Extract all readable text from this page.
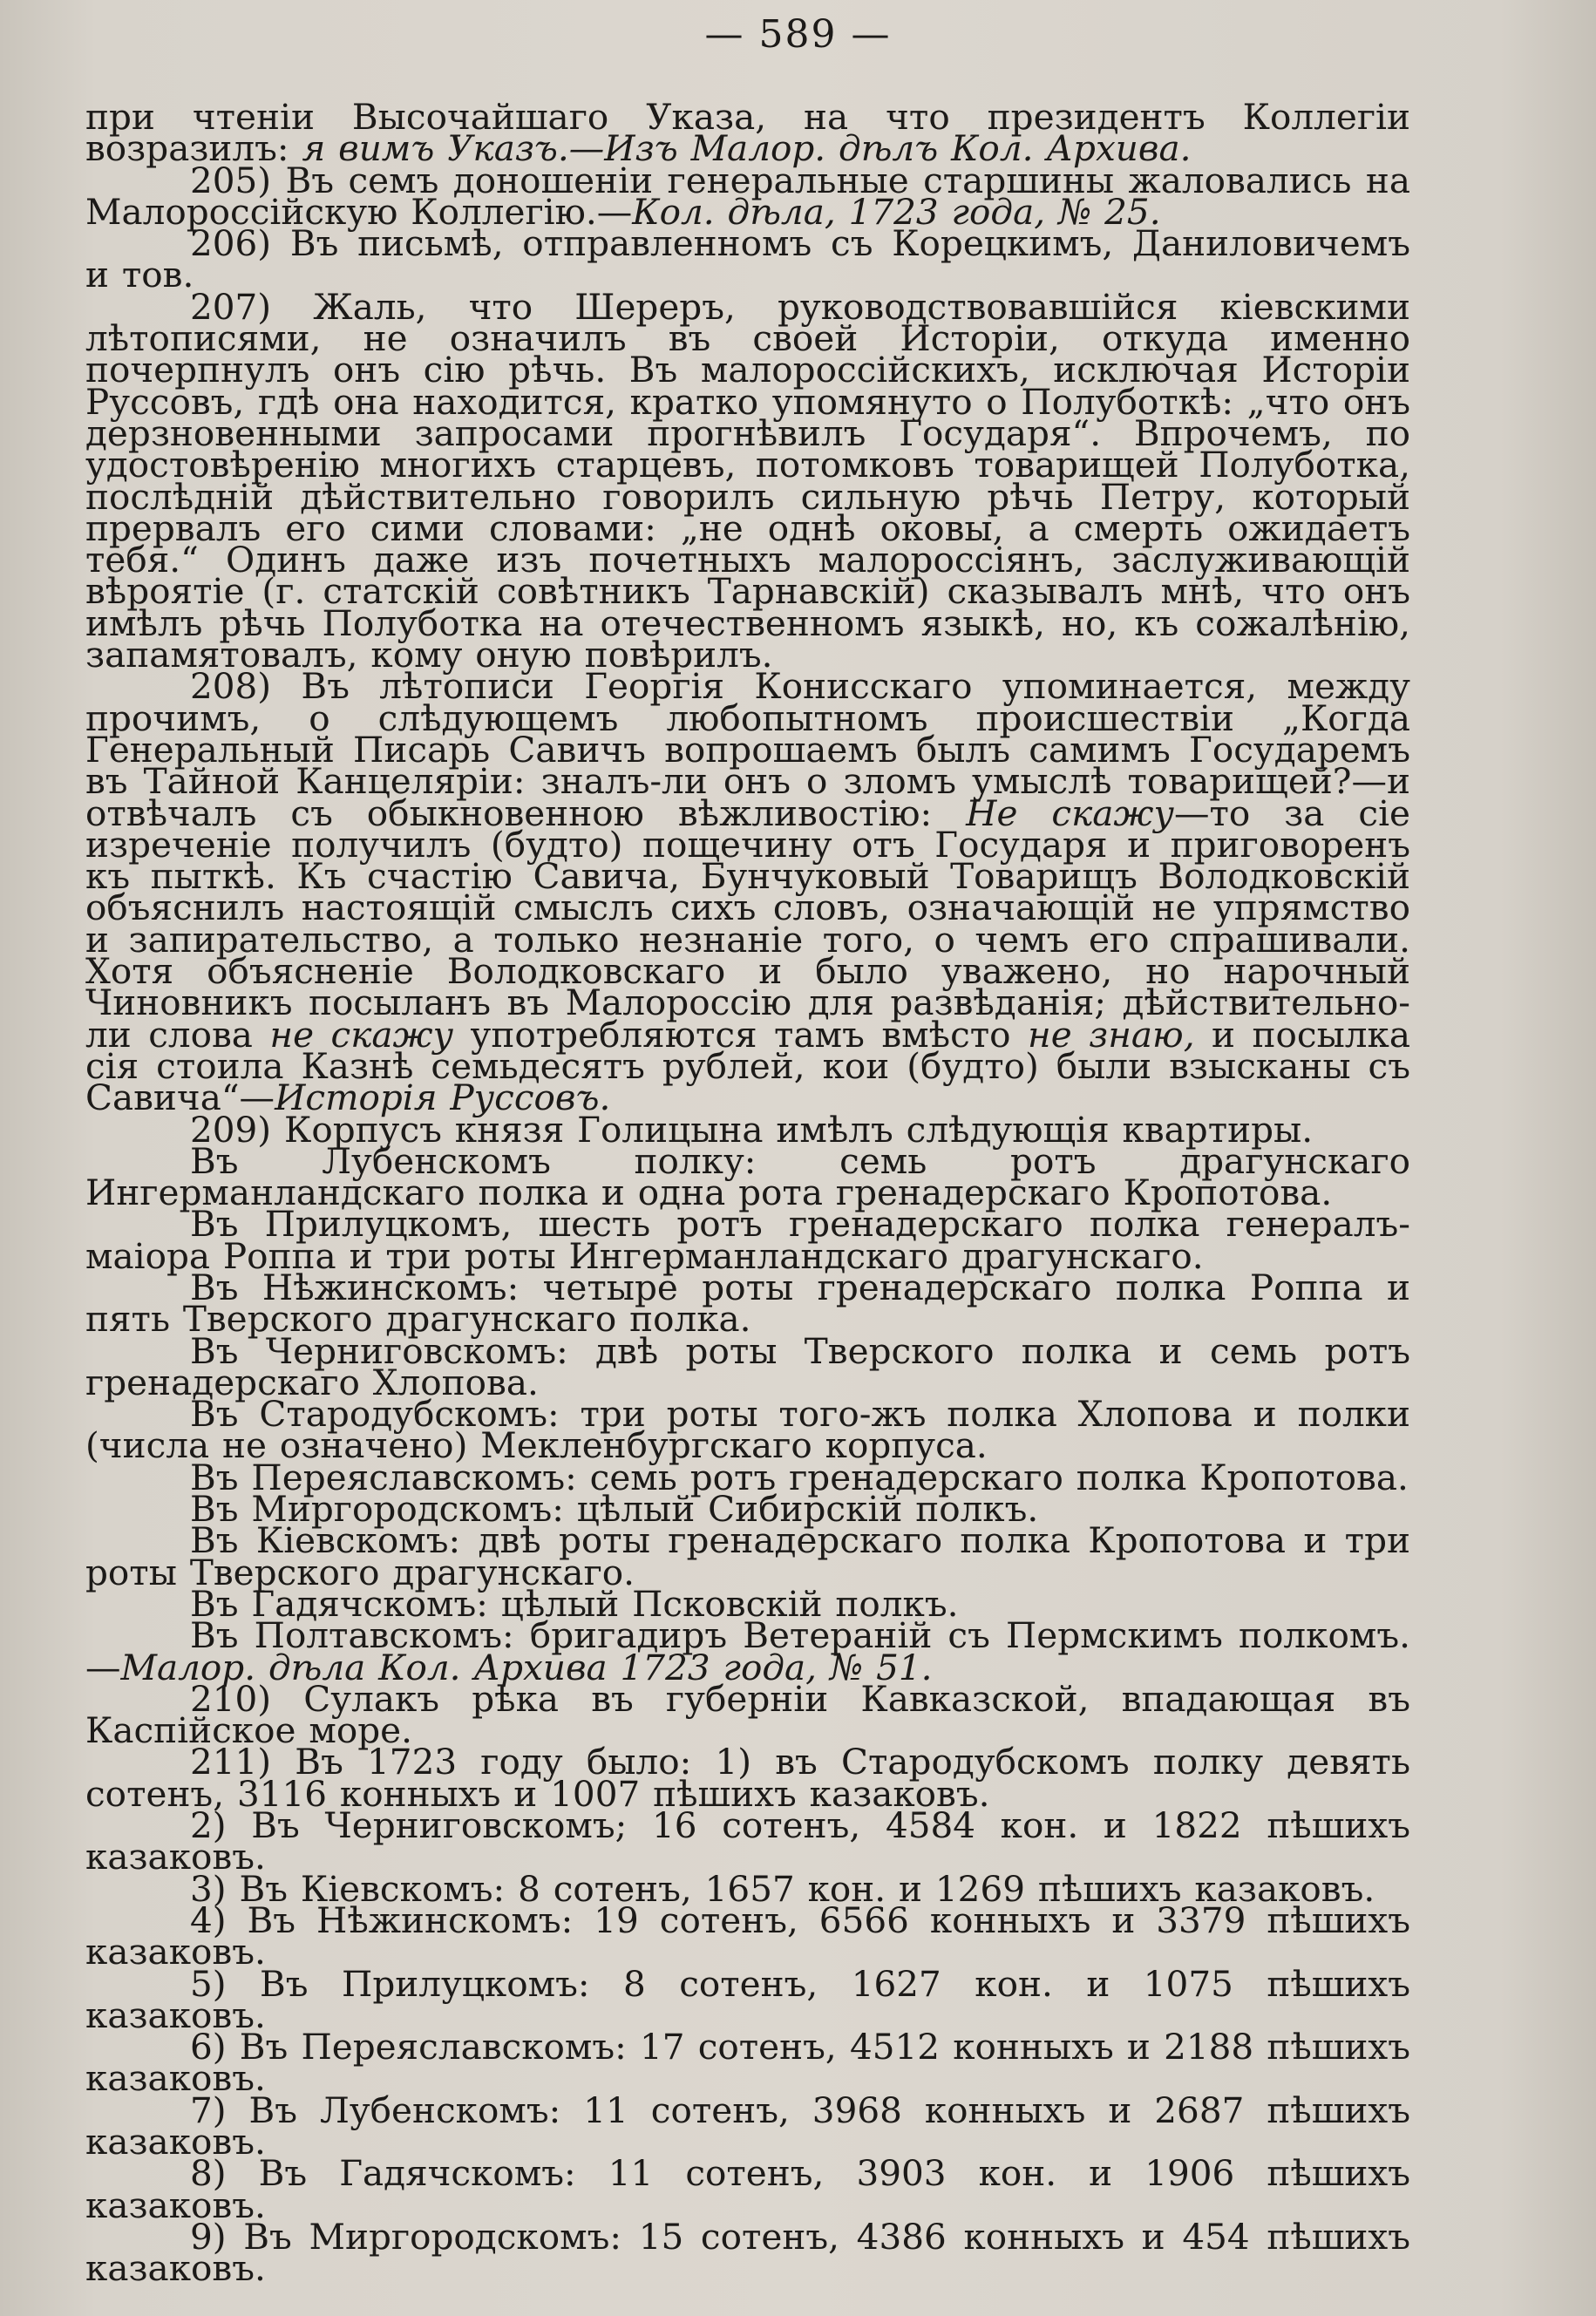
— 589 —

при чтеніи Высочайшаго Указа, на что президентъ Коллегіи возразилъ: я вимъ Указъ.—Изъ Малор. дѣлъ Кол. Архива.

205) Въ семъ доношеніи генеральные старшины жаловались на Малороссійскую Коллегію.—Кол. дѣла, 1723 года, № 25.

206) Въ письмѣ, отправленномъ съ Корецкимъ, Даниловичемъ и тов.

207) Жаль, что Шереръ, руководствовавшійся кіевскими лѣтописями, не означилъ въ своей Исторіи, откуда именно почерпнулъ онъ сію рѣчь. Въ малороссійскихъ, исключая Исторіи Руссовъ, гдѣ она находится, кратко упомянуто о Полуботкѣ: „что онъ дерзновенными запросами прогнѣвилъ Государя“. Впрочемъ, по удостовѣренію многихъ старцевъ, потомковъ товарищей Полуботка, послѣдній дѣйствительно говорилъ сильную рѣчь Петру, который прервалъ его сими словами: „не однѣ оковы, а смерть ожидаетъ тебя.“ Одинъ даже изъ почетныхъ малороссіянъ, заслуживающій вѣроятіе (г. статскій совѣтникъ Тарнавскій) сказывалъ мнѣ, что онъ имѣлъ рѣчь Полуботка на отечественномъ языкѣ, но, къ сожалѣнію, запамятовалъ, кому оную повѣрилъ.

208) Въ лѣтописи Георгія Конисскаго упоминается, между прочимъ, о слѣдующемъ любопытномъ происшествіи „Когда Генеральный Писарь Савичъ вопрошаемъ былъ самимъ Государемъ въ Тайной Канцеляріи: зналъ-ли онъ о зломъ умыслѣ товарищей?—и отвѣчалъ съ обыкновенною вѣжливостію: Не скажу—то за сіе изреченіе получилъ (будто) пощечину отъ Государя и приговоренъ къ пыткѣ. Къ счастію Савича, Бунчуковый Товарищъ Володковскій объяснилъ настоящій смыслъ сихъ словъ, означающій не упрямство и запирательство, а только незнаніе того, о чемъ его спрашивали. Хотя объясненіе Володковскаго и было уважено, но нарочный Чиновникъ посыланъ въ Малороссію для развѣданія; дѣйствительно-ли слова не скажу употребляются тамъ вмѣсто не знаю, и посылка сія стоила Казнѣ семьдесятъ рублей, кои (будто) были взысканы съ Савича“—Исторія Руссовъ.

209) Корпусъ князя Голицына имѣлъ слѣдующія квартиры.

Въ Лубенскомъ полку: семь ротъ драгунскаго Ингерманландскаго полка и одна рота гренадерскаго Кропотова.

Въ Прилуцкомъ, шесть ротъ гренадерскаго полка генералъ-маіора Роппа и три роты Ингерманландскаго драгунскаго.

Въ Нѣжинскомъ: четыре роты гренадерскаго полка Роппа и пять Тверского драгунскаго полка.

Въ Черниговскомъ: двѣ роты Тверского полка и семь ротъ гренадерскаго Хлопова.

Въ Стародубскомъ: три роты того-жъ полка Хлопова и полки (числа не означено) Мекленбургскаго корпуса.

Въ Переяславскомъ: семь ротъ гренадерскаго полка Кропотова.

Въ Миргородскомъ: цѣлый Сибирскій полкъ.

Въ Кіевскомъ: двѣ роты гренадерскаго полка Кропотова и три роты Тверского драгунскаго.

Въ Гадячскомъ: цѣлый Псковскій полкъ.

Въ Полтавскомъ: бригадиръ Ветераній съ Пермскимъ полкомъ.—Малор. дѣла Кол. Архива 1723 года, № 51.

210) Сулакъ рѣка въ губерніи Кавказской, впадающая въ Каспійское море.

211) Въ 1723 году было: 1) въ Стародубскомъ полку девять сотенъ, 3116 конныхъ и 1007 пѣшихъ казаковъ.

2) Въ Черниговскомъ; 16 сотенъ, 4584 кон. и 1822 пѣшихъ казаковъ.

3) Въ Кіевскомъ: 8 сотенъ, 1657 кон. и 1269 пѣшихъ казаковъ.

4) Въ Нѣжинскомъ: 19 сотенъ, 6566 конныхъ и 3379 пѣшихъ казаковъ.

5) Въ Прилуцкомъ: 8 сотенъ, 1627 кон. и 1075 пѣшихъ казаковъ.

6) Въ Переяславскомъ: 17 сотенъ, 4512 конныхъ и 2188 пѣшихъ казаковъ.

7) Въ Лубенскомъ: 11 сотенъ, 3968 конныхъ и 2687 пѣшихъ казаковъ.

8) Въ Гадячскомъ: 11 сотенъ, 3903 кон. и 1906 пѣшихъ казаковъ.

9) Въ Миргородскомъ: 15 сотенъ, 4386 конныхъ и 454 пѣшихъ казаковъ.
